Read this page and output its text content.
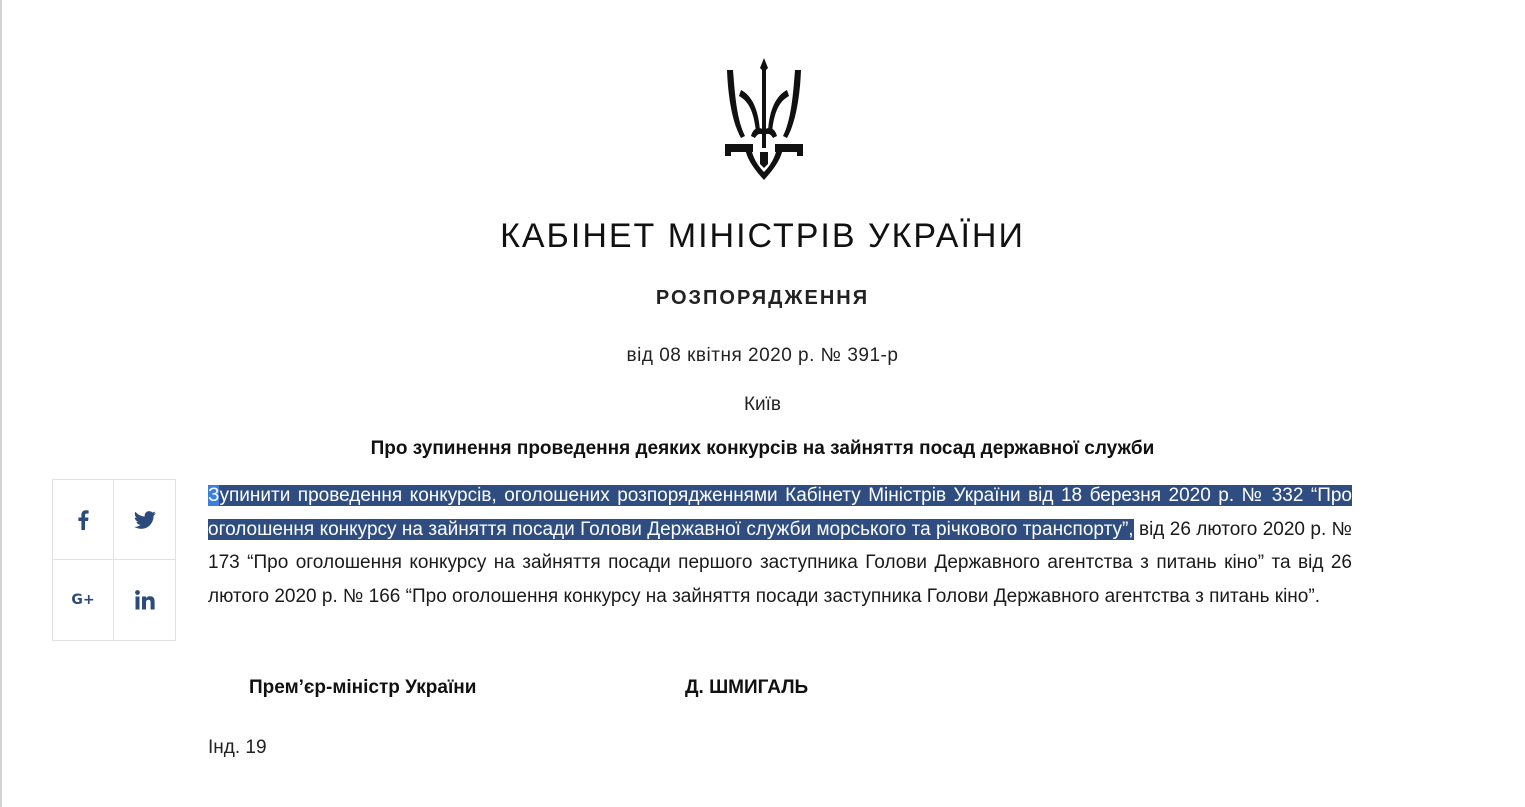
КАБІНЕТ МІНІСТРІВ УКРАЇНИ
РОЗПОРЯДЖЕННЯ
від 08 квітня 2020 р. № 391-р
Київ
Про зупинення проведення деяких конкурсів на зайняття посад державної служби
G+
Зупинити проведення конкурсів, оголошених розпорядженнями Кабінету Міністрів України від 18 березня 2020 р. № 332 “Про оголошення конкурсу на зайняття посади Голови Державної служби морського та річкового транспорту”, від 26 лютого 2020 р. № 173 “Про оголошення конкурсу на зайняття посади першого заступника Голови Державного агентства з питань кіно” та від 26 лютого 2020 р. № 166 “Про оголошення конкурсу на зайняття посади заступника Голови Державного агентства з питань кіно”.
Прем’єр-міністр України	Д. ШМИГАЛЬ
Інд. 19
